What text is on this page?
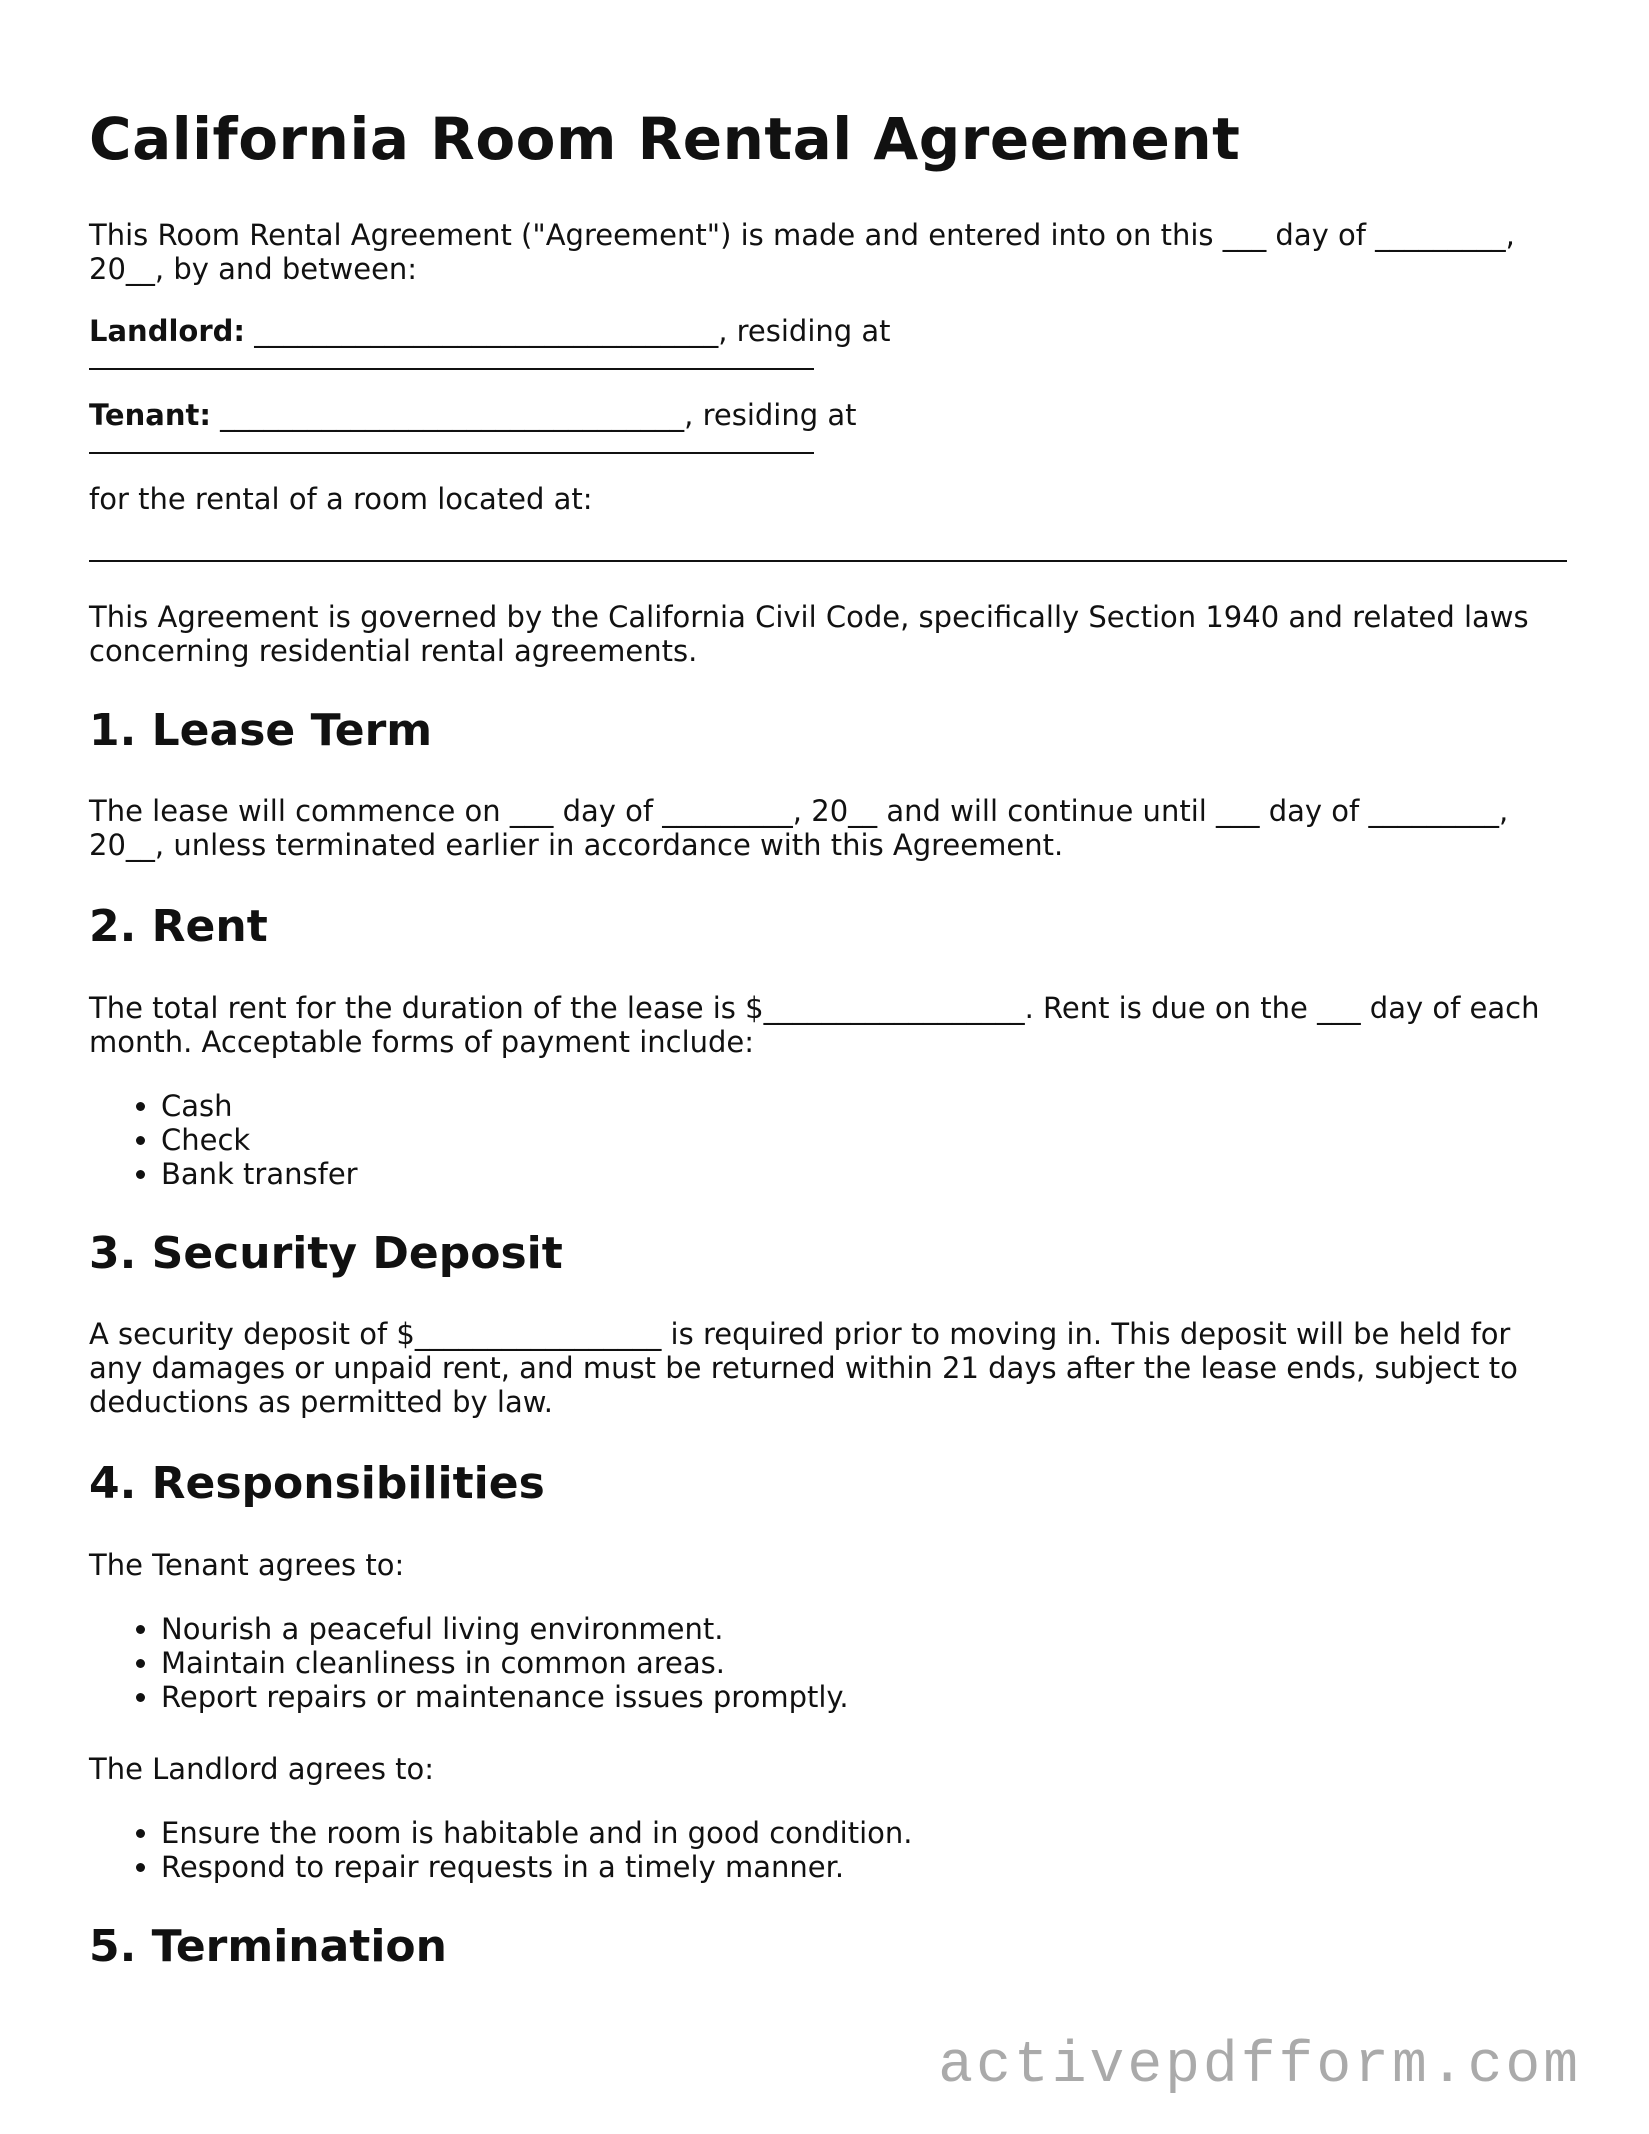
California Room Rental Agreement

This Room Rental Agreement ("Agreement") is made and entered into on this ___ day of _________, 20__, by and between:

Landlord: ________________________________, residing at

Tenant: ________________________________, residing at

for the rental of a room located at:

This Agreement is governed by the California Civil Code, specifically Section 1940 and related laws concerning residential rental agreements.

1. Lease Term

The lease will commence on ___ day of _________, 20__ and will continue until ___ day of _________, 20__, unless terminated earlier in accordance with this Agreement.

2. Rent

The total rent for the duration of the lease is $__________________. Rent is due on the ___ day of each month. Acceptable forms of payment include:

• Cash
• Check
• Bank transfer
3. Security Deposit

A security deposit of $_________________ is required prior to moving in. This deposit will be held for any damages or unpaid rent, and must be returned within 21 days after the lease ends, subject to deductions as permitted by law.

4. Responsibilities

The Tenant agrees to:

• Nourish a peaceful living environment.
• Maintain cleanliness in common areas.
• Report repairs or maintenance issues promptly.

The Landlord agrees to:

• Ensure the room is habitable and in good condition.
• Respond to repair requests in a timely manner.
5. Termination
activepdfform.com
